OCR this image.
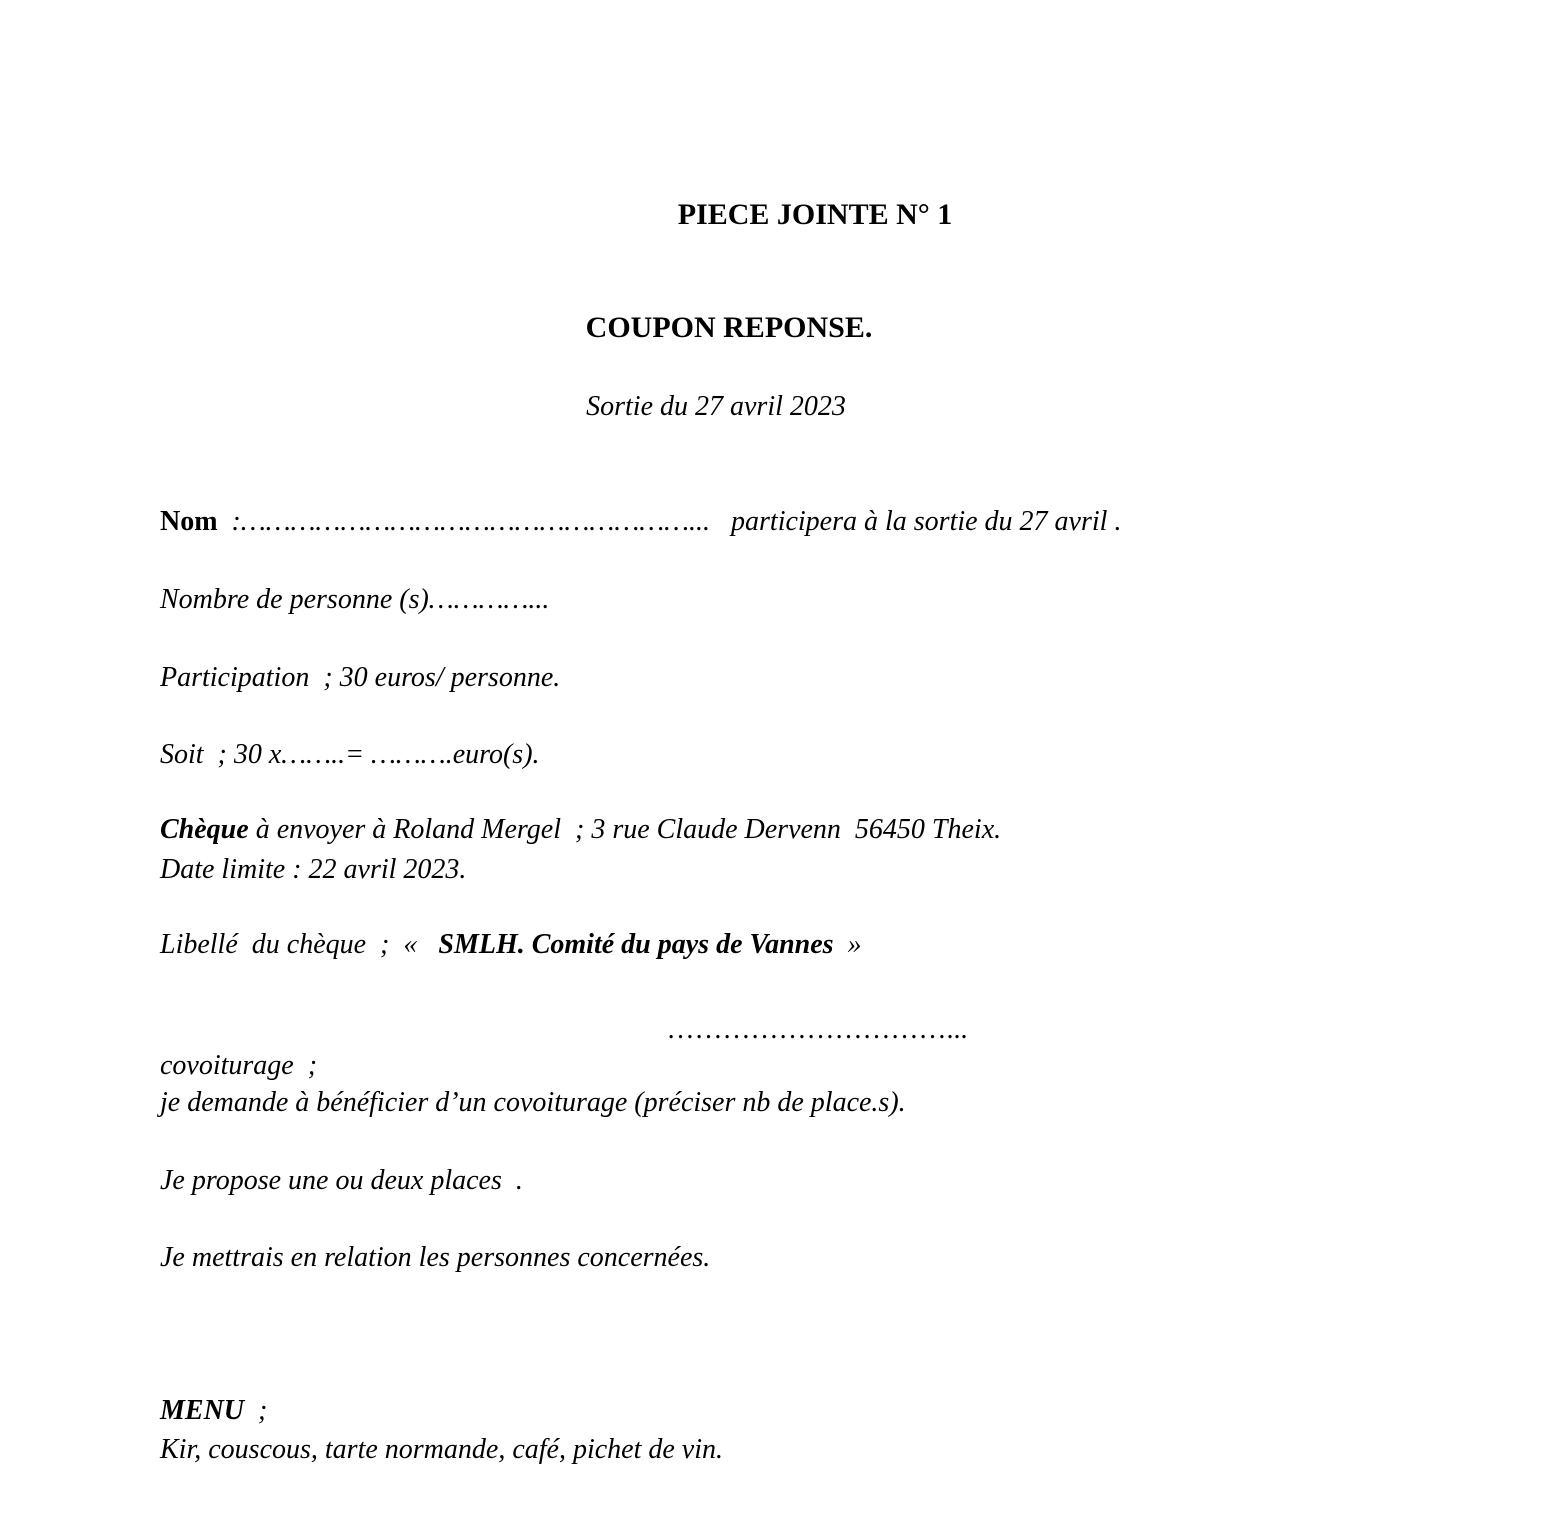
PIECE JOINTE N° 1
COUPON REPONSE.

Sortie du 27 avril 2023

Nom  :………………………………………………...   participera à la sortie du 27 avril .

Nombre de personne (s)…………...

Participation  ; 30 euros/ personne.

Soit  ; 30 x……..= ……….euro(s).

Chèque à envoyer à Roland Mergel  ; 3 rue Claude Dervenn  56450 Theix.

Date limite : 22 avril 2023.

Libellé  du chèque  ;  «   SMLH. Comité du pays de Vannes  »

…………………………...

covoiturage  ;

je demande à bénéficier d’un covoiturage (préciser nb de place.s).

Je propose une ou deux places  .

Je mettrais en relation les personnes concernées.

MENU  ;

Kir, couscous, tarte normande, café, pichet de vin.
